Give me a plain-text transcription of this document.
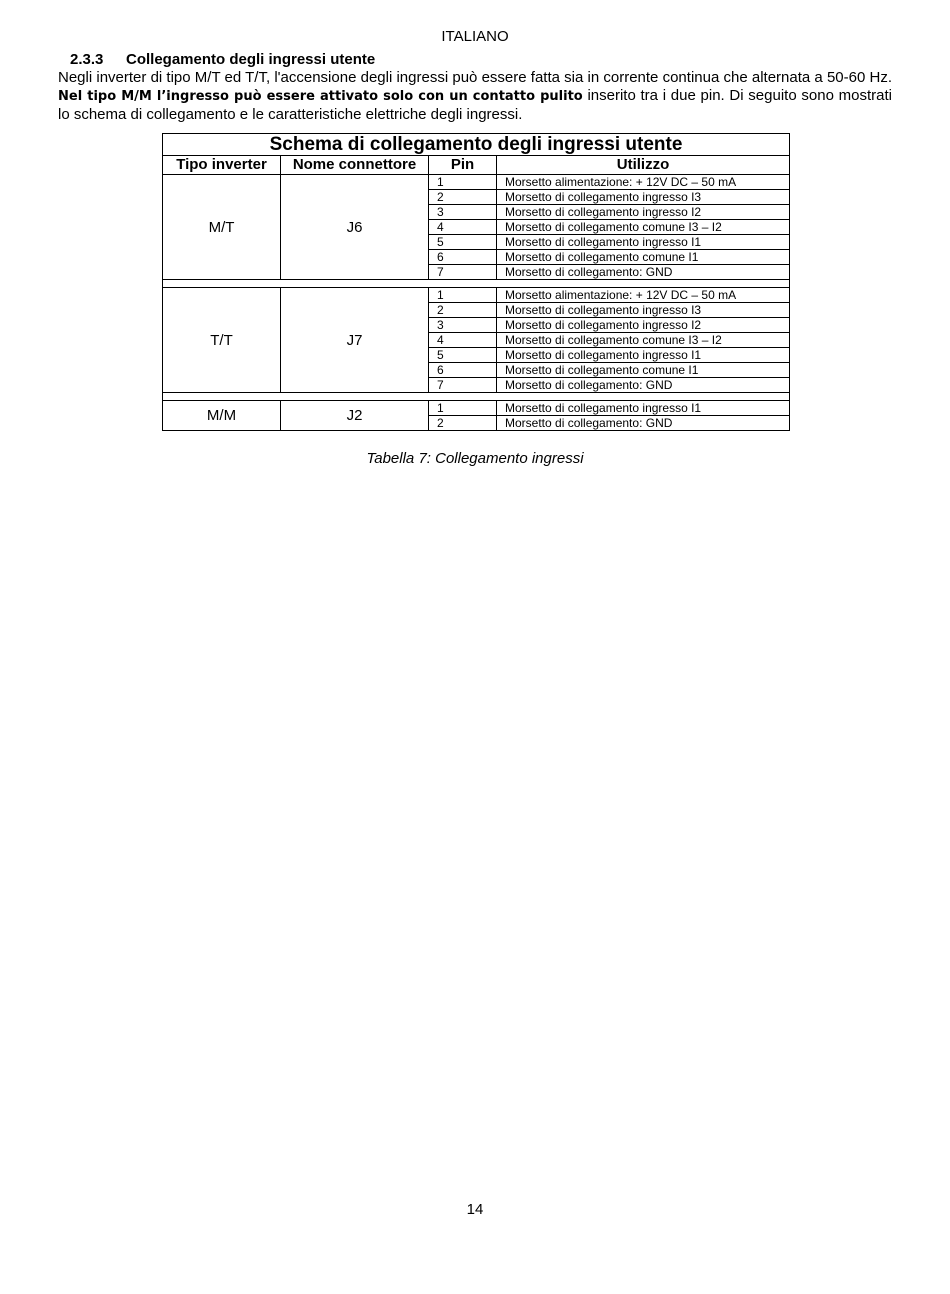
ITALIANO
2.3.3 Collegamento degli ingressi utente
Negli inverter di tipo M/T ed T/T, l'accensione degli ingressi può essere fatta sia in corrente continua che alternata a 50-60 Hz. Nel tipo M/M l’ingresso può essere attivato solo con un contatto pulito inserito tra i due pin. Di seguito sono mostrati lo schema di collegamento e le caratteristiche elettriche degli ingressi.
Schema di collegamento degli ingressi utente			
Tipo inverter	Nome connettore	Pin	Utilizzo
M/T	J6	1	Morsetto alimentazione: + 12V DC – 50 mA
		2	Morsetto di collegamento ingresso I3
		3	Morsetto di collegamento ingresso I2
		4	Morsetto di collegamento comune I3 – I2
		5	Morsetto di collegamento ingresso I1
		6	Morsetto di collegamento comune I1
		7	Morsetto di collegamento: GND

T/T	J7	1	Morsetto alimentazione: + 12V DC – 50 mA
		2	Morsetto di collegamento ingresso I3
		3	Morsetto di collegamento ingresso I2
		4	Morsetto di collegamento comune I3 – I2
		5	Morsetto di collegamento ingresso I1
		6	Morsetto di collegamento comune I1
		7	Morsetto di collegamento: GND

M/M	J2	1	Morsetto di collegamento ingresso I1
		2	Morsetto di collegamento: GND
Tabella 7: Collegamento ingressi
14
